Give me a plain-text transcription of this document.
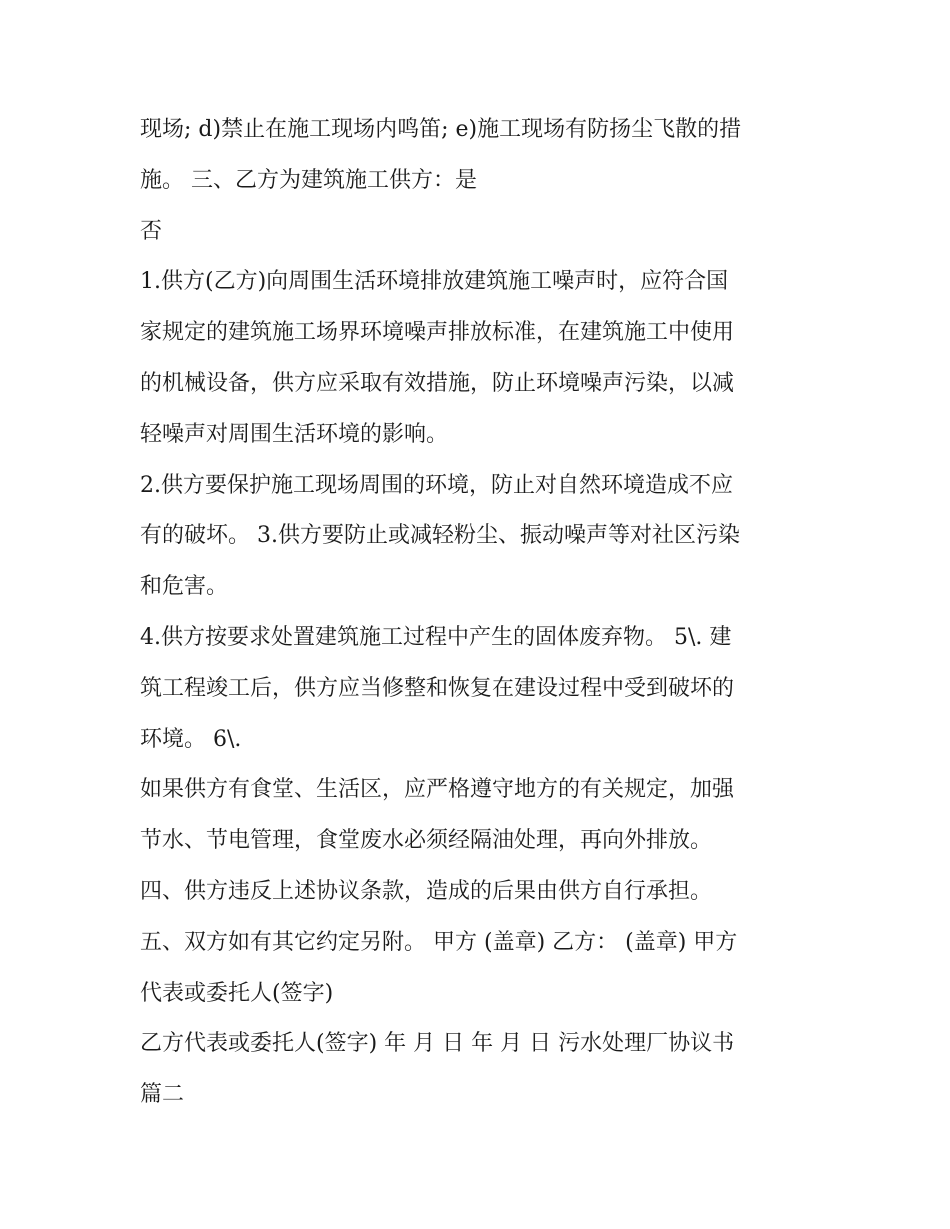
现场; d)禁止在施工现场内鸣笛; e)施工现场有防扬尘飞散的措

施。 三、乙方为建筑施工供方：是

否

1.供方(乙方)向周围生活环境排放建筑施工噪声时，应符合国

家规定的建筑施工场界环境噪声排放标准，在建筑施工中使用

的机械设备，供方应采取有效措施，防止环境噪声污染，以减

轻噪声对周围生活环境的影响。

2.供方要保护施工现场周围的环境，防止对自然环境造成不应

有的破坏。 3.供方要防止或减轻粉尘、振动噪声等对社区污染

和危害。

4.供方按要求处置建筑施工过程中产生的固体废弃物。 5\. 建

筑工程竣工后，供方应当修整和恢复在建设过程中受到破坏的

环境。 6\.

如果供方有食堂、生活区，应严格遵守地方的有关规定，加强

节水、节电管理，食堂废水必须经隔油处理，再向外排放。

四、供方违反上述协议条款，造成的后果由供方自行承担。

五、双方如有其它约定另附。 甲方 (盖章) 乙方： (盖章) 甲方

代表或委托人(签字)

乙方代表或委托人(签字) 年 月 日 年 月 日 污水处理厂协议书

篇二
